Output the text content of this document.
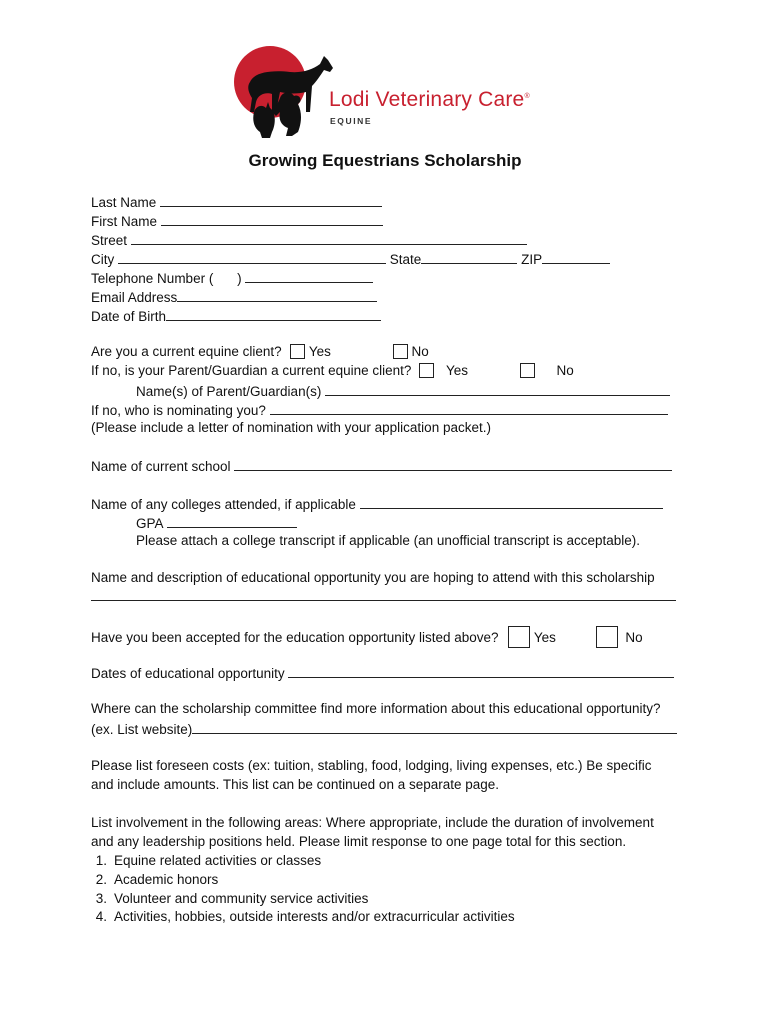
Lodi Veterinary Care®
EQUINE
Growing Equestrians Scholarship
Last Name
First Name
Street
City	State	ZIP
Telephone Number ( )
Email Address
Date of Birth
Are you a current equine client? Yes	No
If no, is your Parent/Guardian a current equine client?	Yes	No
Name(s) of Parent/Guardian(s)
If no, who is nominating you?
(Please include a letter of nomination with your application packet.)
Name of current school
Name of any colleges attended, if applicable
GPA
Please attach a college transcript if applicable (an unofficial transcript is acceptable).
Name and description of educational opportunity you are hoping to attend with this scholarship
Have you been accepted for the education opportunity listed above?	Yes	No
Dates of educational opportunity
Where can the scholarship committee find more information about this educational opportunity?
(ex. List website)
Please list foreseen costs (ex: tuition, stabling, food, lodging, living expenses, etc.) Be specific
and include amounts. This list can be continued on a separate page.
List involvement in the following areas: Where appropriate, include the duration of involvement
and any leadership positions held. Please limit response to one page total for this section.
1. Equine related activities or classes
2. Academic honors
3. Volunteer and community service activities
4. Activities, hobbies, outside interests and/or extracurricular activities
